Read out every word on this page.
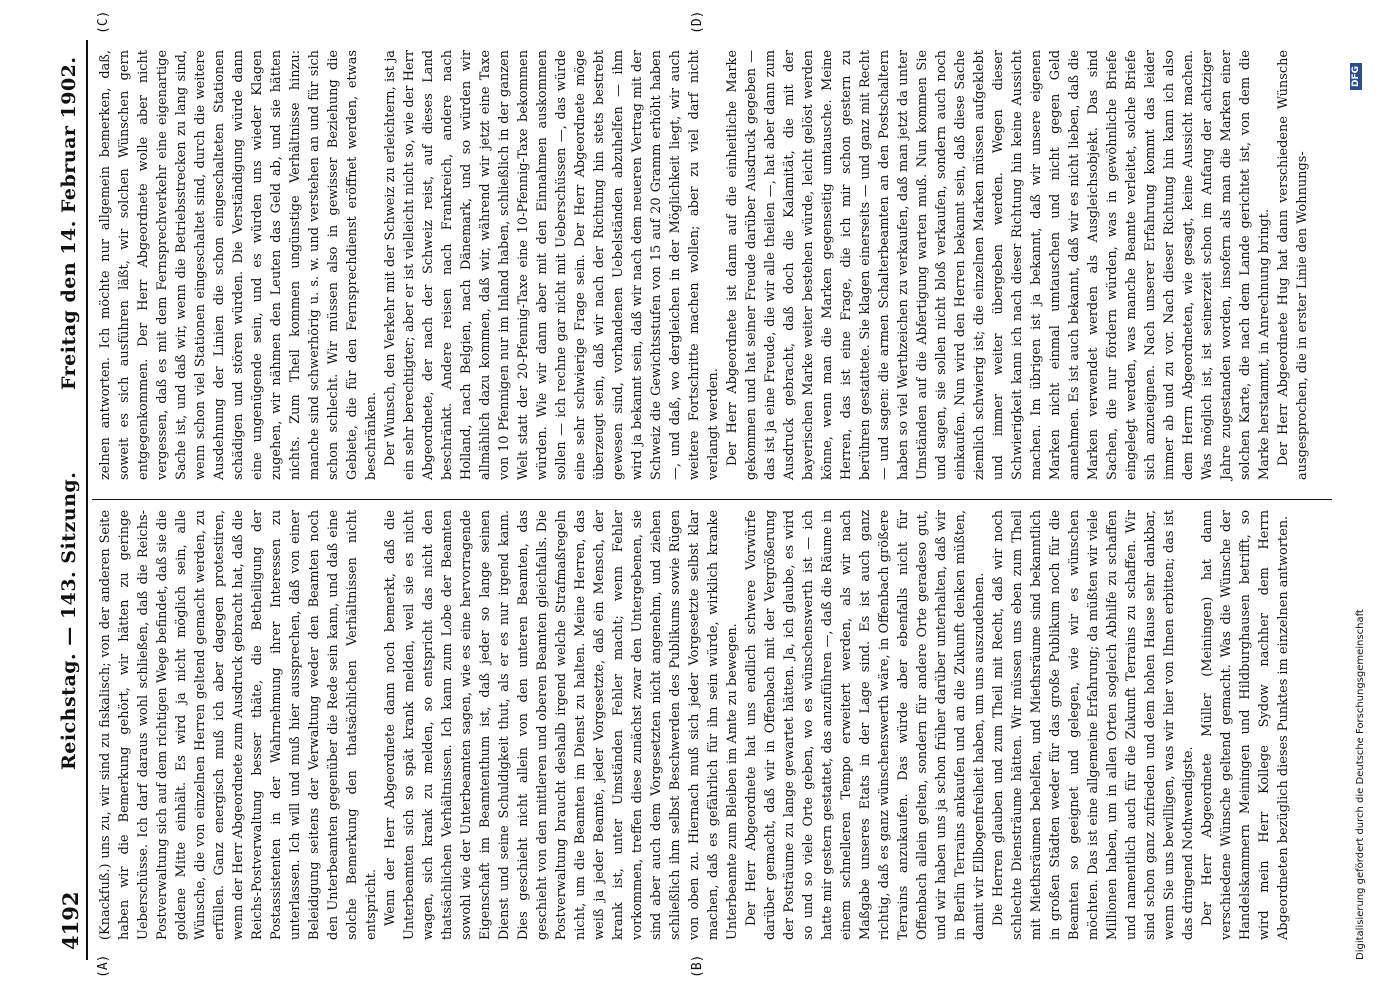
4192
Reichstag. — 143. Sitzung.
Freitag den 14. Februar 1902.
(A)	(B)
(C)	(D)

(Knackfuß.) uns zu, wir sind zu fiskalisch; von der anderen Seite haben wir die Bemerkung gehört, wir hätten zu geringe Ueberschüsse. Ich darf daraus wohl schließen, daß die Reichs-Postverwaltung sich auf dem richtigen Wege befindet, daß sie die goldene Mitte einhält. Es wird ja nicht möglich sein, alle Wünsche, die von einzelnen Herren geltend gemacht werden, zu erfüllen. Ganz energisch muß ich aber dagegen protestiren, wenn der Herr Abgeordnete zum Ausdruck gebracht hat, daß die Reichs-Postverwaltung besser thäte, die Betheiligung der Postassistenten in der Wahrnehmung ihrer Interessen zu unterlassen. Ich will und muß hier aussprechen, daß von einer Beleidigung seitens der Verwaltung weder den Beamten noch den Unterbeamten gegenüber die Rede sein kann, und daß eine solche Bemerkung den thatsächlichen Verhältnissen nicht entspricht. Wenn der Herr Abgeordnete dann noch bemerkt, daß die Unterbeamten sich so spät krank melden, weil sie es nicht wagen, sich krank zu melden, so entspricht das nicht den thatsächlichen Verhältnissen. Ich kann zum Lobe der Beamten sowohl wie der Unterbeamten sagen, wie es eine hervorragende Eigenschaft im Beamtenthum ist, daß jeder so lange seinen Dienst und seine Schuldigkeit thut, als er es nur irgend kann. Dies geschieht nicht allein von den unteren Beamten, das geschieht von den mittleren und oberen Beamten gleichfalls. Die Postverwaltung braucht deshalb irgend welche Strafmaßregeln nicht, um die Beamten im Dienst zu halten. Meine Herren, das weiß ja jeder Beamte, jeder Vorgesetzte, daß ein Mensch, der krank ist, unter Umständen Fehler macht; wenn Fehler vorkommen, treffen diese zunächst zwar den Untergebenen, sie sind aber auch dem Vorgesetzten nicht angenehm, und ziehen schließlich ihm selbst Beschwerden des Publikums sowie Rügen von oben zu. Hiernach muß sich jeder Vorgesetzte selbst klar machen, daß es gefährlich für ihn sein würde, wirklich kranke Unterbeamte zum Bleiben im Amte zu bewegen. Der Herr Abgeordnete hat uns endlich schwere Vorwürfe darüber gemacht, daß wir in Offenbach mit der Vergrößerung der Posträume zu lange gewartet hätten. Ja, ich glaube, es wird so und so viele Orte geben, wo es wünschenswerth ist — ich hatte mir gestern gestattet, das anzuführen —, daß die Räume in einem schnelleren Tempo erweitert werden, als wir nach Maßgabe unseres Etats in der Lage sind. Es ist auch ganz richtig, daß es ganz wünschenswerth wäre, in Offenbach größere Terrains anzukaufen. Das würde aber ebenfalls nicht für Offenbach allein gelten, sondern für andere Orte geradeso gut, und wir haben uns ja schon früher darüber unterhalten, daß wir in Berlin Terrains ankaufen und an die Zukunft denken müßten, damit wir Ellbogenfreiheit haben, um uns auszudehnen. Die Herren glauben und zum Theil mit Recht, daß wir noch schlechte Diensträume hätten. Wir müssen uns eben zum Theil mit Miethsräumen behelfen, und Miethsräume sind bekanntlich in großen Städten weder für das große Publikum noch für die Beamten so geeignet und gelegen, wie wir es wünschen möchten. Das ist eine allgemeine Erfahrung; da müßten wir viele Millionen haben, um in allen Orten sogleich Abhilfe zu schaffen und namentlich auch für die Zukunft Terrains zu schaffen. Wir sind schon ganz zufrieden und dem hohen Hause sehr dankbar, wenn Sie uns bewilligen, was wir hier von Ihnen erbitten; das ist das dringend Nothwendigste. Der Herr Abgeordnete Müller (Meiningen) hat dann verschiedene Wünsche geltend gemacht. Was die Wünsche der Handelskammern Meiningen und Hildburghausen betrifft, so wird mein Herr Kollege Sydow nachher dem Herrn Abgeordneten bezüglich dieses Punktes im einzelnen antworten.

zelnen antworten. Ich möchte nur allgemein bemerken, daß, soweit es sich ausführen läßt, wir solchen Wünschen gern entgegenkommen. Der Herr Abgeordnete wolle aber nicht vergessen, daß es mit dem Fernsprechverkehr eine eigenartige Sache ist, und daß wir, wenn die Betriebsstrecken zu lang sind, wenn schon viel Stationen eingeschaltet sind, durch die weitere Ausdehnung der Linien die schon eingeschalteten Stationen schädigen und stören würden. Die Verständigung würde dann eine ungenügende sein, und es würden uns wieder Klagen zugehen, wir nähmen den Leuten das Geld ab, und sie hätten nichts. Zum Theil kommen ungünstige Verhältnisse hinzu: manche sind schwerhörig u. s. w. und verstehen an und für sich schon schlecht. Wir müssen also in gewisser Beziehung die Gebiete, die für den Fernsprechdienst eröffnet werden, etwas beschränken. Der Wunsch, den Verkehr mit der Schweiz zu erleichtern, ist ja ein sehr berechtigter; aber er ist vielleicht nicht so, wie der Herr Abgeordnete, der nach der Schweiz reist, auf dieses Land beschränkt. Andere reisen nach Frankreich, andere nach Holland, nach Belgien, nach Dänemark, und so würden wir allmählich dazu kommen, daß wir, während wir jetzt eine Taxe von 10 Pfennigen nur im Inland haben, schließlich in der ganzen Welt statt der 20-Pfennig-Taxe eine 10-Pfennig-Taxe bekommen würden. Wie wir dann aber mit den Einnahmen auskommen sollen — ich rechne gar nicht mit Ueberschüssen —, das würde eine sehr schwierige Frage sein. Der Herr Abgeordnete möge überzeugt sein, daß wir nach der Richtung hin stets bestrebt gewesen sind, vorhandenen Uebelständen abzuhelfen — ihm wird ja bekannt sein, daß wir nach dem neueren Vertrag mit der Schweiz die Gewichtsstufen von 15 auf 20 Gramm erhöht haben —, und daß, wo dergleichen in der Möglichkeit liegt, wir auch weitere Fortschritte machen wollen; aber zu viel darf nicht verlangt werden. Der Herr Abgeordnete ist dann auf die einheitliche Marke gekommen und hat seiner Freude darüber Ausdruck gegeben — das ist ja eine Freude, die wir alle theilen —, hat aber dann zum Ausdruck gebracht, daß doch die Kalamität, die mit der bayerischen Marke weiter bestehen würde, leicht gelöst werden könne, wenn man die Marken gegenseitig umtausche. Meine Herren, das ist eine Frage, die ich mir schon gestern zu berühren gestattete. Sie klagen einerseits — und ganz mit Recht — und sagen: die armen Schalterbeamten an den Postschaltern haben so viel Werthzeichen zu verkaufen, daß man jetzt da unter Umständen auf die Abfertigung warten muß. Nun kommen Sie und sagen, sie sollen nicht bloß verkaufen, sondern auch noch einkaufen. Nun wird den Herren bekannt sein, daß diese Sache ziemlich schwierig ist; die einzelnen Marken müssen aufgeklebt und immer weiter übergeben werden. Wegen dieser Schwierigkeit kann ich nach dieser Richtung hin keine Aussicht machen. Im übrigen ist ja bekannt, daß wir unsere eigenen Marken nicht einmal umtauschen und nicht gegen Geld annehmen. Es ist auch bekannt, daß wir es nicht lieben, daß die Marken verwendet werden als Ausgleichsobjekt. Das sind Sachen, die nur fördern würden, was in gewöhnliche Briefe eingelegt werden, was manche Beamte verleitet, solche Briefe sich anzueignen. Nach unserer Erfahrung kommt das leider immer ab und zu vor. Nach dieser Richtung hin kann ich also dem Herrn Abgeordneten, wie gesagt, keine Aussicht machen. Was möglich ist, ist seinerzeit schon im Anfang der achtziger Jahre zugestanden worden, insofern als man die Marken einer solchen Karte, die nach dem Lande gerichtet ist, von dem die Marke herstammt, in Anrechnung bringt. Der Herr Abgeordnete Hug hat dann verschiedene Wünsche ausgesprochen, die in erster Linie den Wohnungs-

Digitalisierung gefördert durch die Deutsche Forschungsgemeinschaft
DFG
